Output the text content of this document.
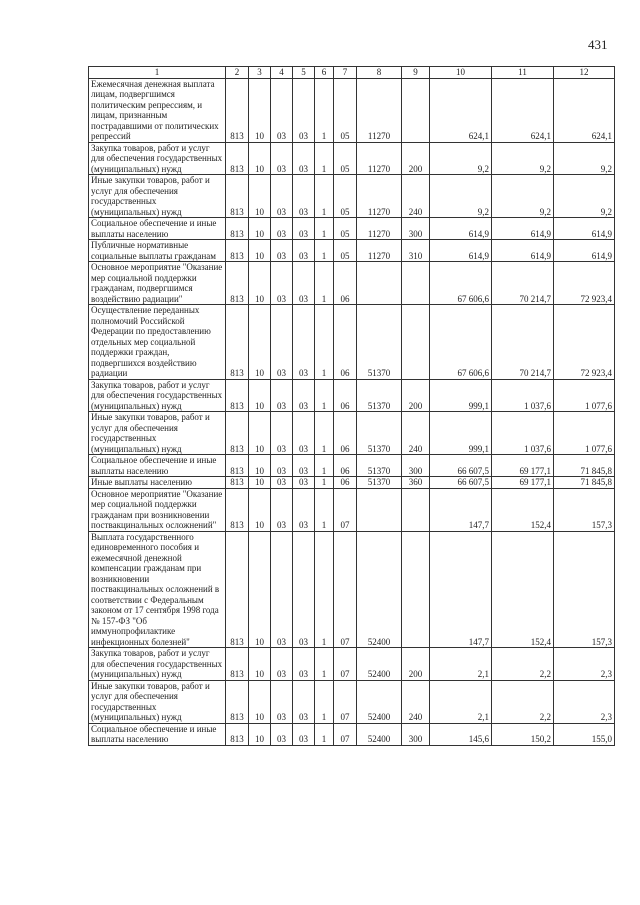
431
1	2	3	4	5	6	7	8	9	10	11	12
Ежемесячная денежная выплата лицам, подвергшимся политическим репрессиям, и лицам, признанным пострадавшими от политических репрессий	813	10	03	03	1	05	11270		624,1	624,1	624,1
Закупка товаров, работ и услуг для обеспечения государственных (муниципальных) нужд	813	10	03	03	1	05	11270	200	9,2	9,2	9,2
Иные закупки товаров, работ и услуг для обеспечения государственных (муниципальных) нужд	813	10	03	03	1	05	11270	240	9,2	9,2	9,2
Социальное обеспечение и иные выплаты населению	813	10	03	03	1	05	11270	300	614,9	614,9	614,9
Публичные нормативные социальные выплаты гражданам	813	10	03	03	1	05	11270	310	614,9	614,9	614,9
Основное мероприятие "Оказание мер социальной поддержки гражданам, подвергшимся воздействию радиации"	813	10	03	03	1	06			67 606,6	70 214,7	72 923,4
Осуществление переданных полномочий Российской Федерации по предоставлению отдельных мер социальной поддержки граждан, подвергшихся воздействию радиации	813	10	03	03	1	06	51370		67 606,6	70 214,7	72 923,4
Закупка товаров, работ и услуг для обеспечения государственных (муниципальных) нужд	813	10	03	03	1	06	51370	200	999,1	1 037,6	1 077,6
Иные закупки товаров, работ и услуг для обеспечения государственных (муниципальных) нужд	813	10	03	03	1	06	51370	240	999,1	1 037,6	1 077,6
Социальное обеспечение и иные выплаты населению	813	10	03	03	1	06	51370	300	66 607,5	69 177,1	71 845,8
Иные выплаты населению	813	10	03	03	1	06	51370	360	66 607,5	69 177,1	71 845,8
Основное мероприятие "Оказание мер социальной поддержки гражданам при возникновении поствакцинальных осложнений"	813	10	03	03	1	07			147,7	152,4	157,3
Выплата государственного единовременного пособия и ежемесячной денежной компенсации гражданам при возникновении поствакцинальных осложнений в соответствии с Федеральным законом от 17 сентября 1998 года № 157-ФЗ "Об иммунопрофилактике инфекционных болезней"	813	10	03	03	1	07	52400		147,7	152,4	157,3
Закупка товаров, работ и услуг для обеспечения государственных (муниципальных) нужд	813	10	03	03	1	07	52400	200	2,1	2,2	2,3
Иные закупки товаров, работ и услуг для обеспечения государственных (муниципальных) нужд	813	10	03	03	1	07	52400	240	2,1	2,2	2,3
Социальное обеспечение и иные выплаты населению	813	10	03	03	1	07	52400	300	145,6	150,2	155,0
